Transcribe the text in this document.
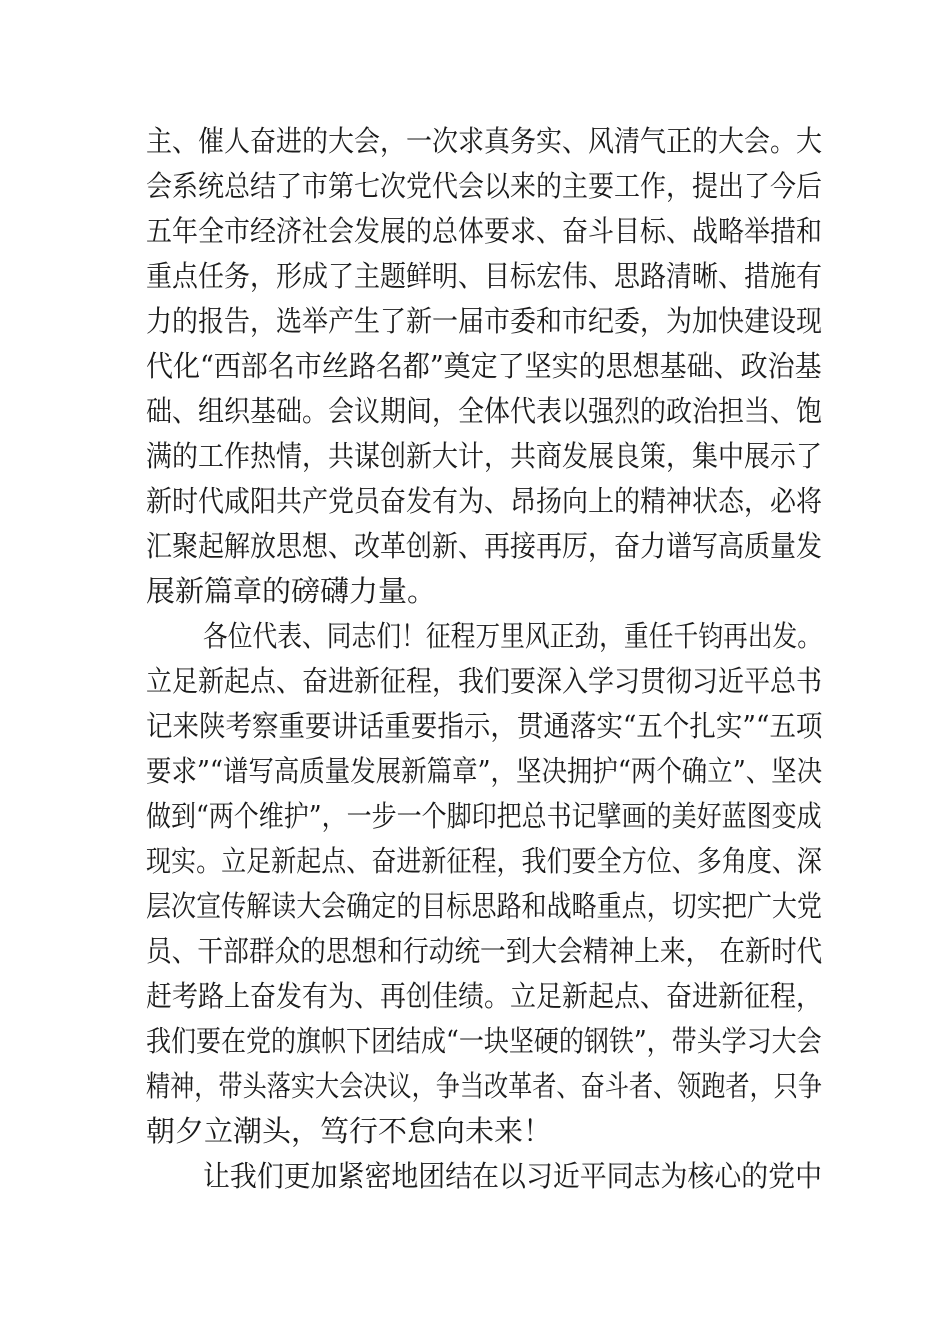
主、催人奋进的大会，一次求真务实、风清气正的大会。大

会系统总结了市第七次党代会以来的主要工作，提出了今后

五年全市经济社会发展的总体要求、奋斗目标、战略举措和

重点任务，形成了主题鲜明、目标宏伟、思路清晰、措施有

力的报告，选举产生了新一届市委和市纪委，为加快建设现

代化“西部名市丝路名都”奠定了坚实的思想基础、政治基

础、组织基础。会议期间，全体代表以强烈的政治担当、饱

满的工作热情，共谋创新大计，共商发展良策，集中展示了

新时代咸阳共产党员奋发有为、昂扬向上的精神状态，必将

汇聚起解放思想、改革创新、再接再厉，奋力谱写高质量发

展新篇章的磅礴力量。

各位代表、同志们！征程万里风正劲，重任千钧再出发。

立足新起点、奋进新征程，我们要深入学习贯彻习近平总书

记来陕考察重要讲话重要指示，贯通落实“五个扎实”“五项

要求”“谱写高质量发展新篇章”，坚决拥护“两个确立”、坚决

做到“两个维护”，一步一个脚印把总书记擘画的美好蓝图变成

现实。立足新起点、奋进新征程，我们要全方位、多角度、深

层次宣传解读大会确定的目标思路和战略重点，切实把广大党

员、干部群众的思想和行动统一到大会精神上来， 在新时代

赶考路上奋发有为、再创佳绩。立足新起点、奋进新征程，

我们要在党的旗帜下团结成“一块坚硬的钢铁”，带头学习大会

精神，带头落实大会决议，争当改革者、奋斗者、领跑者，只争

朝夕立潮头，笃行不怠向未来！

让我们更加紧密地团结在以习近平同志为核心的党中
